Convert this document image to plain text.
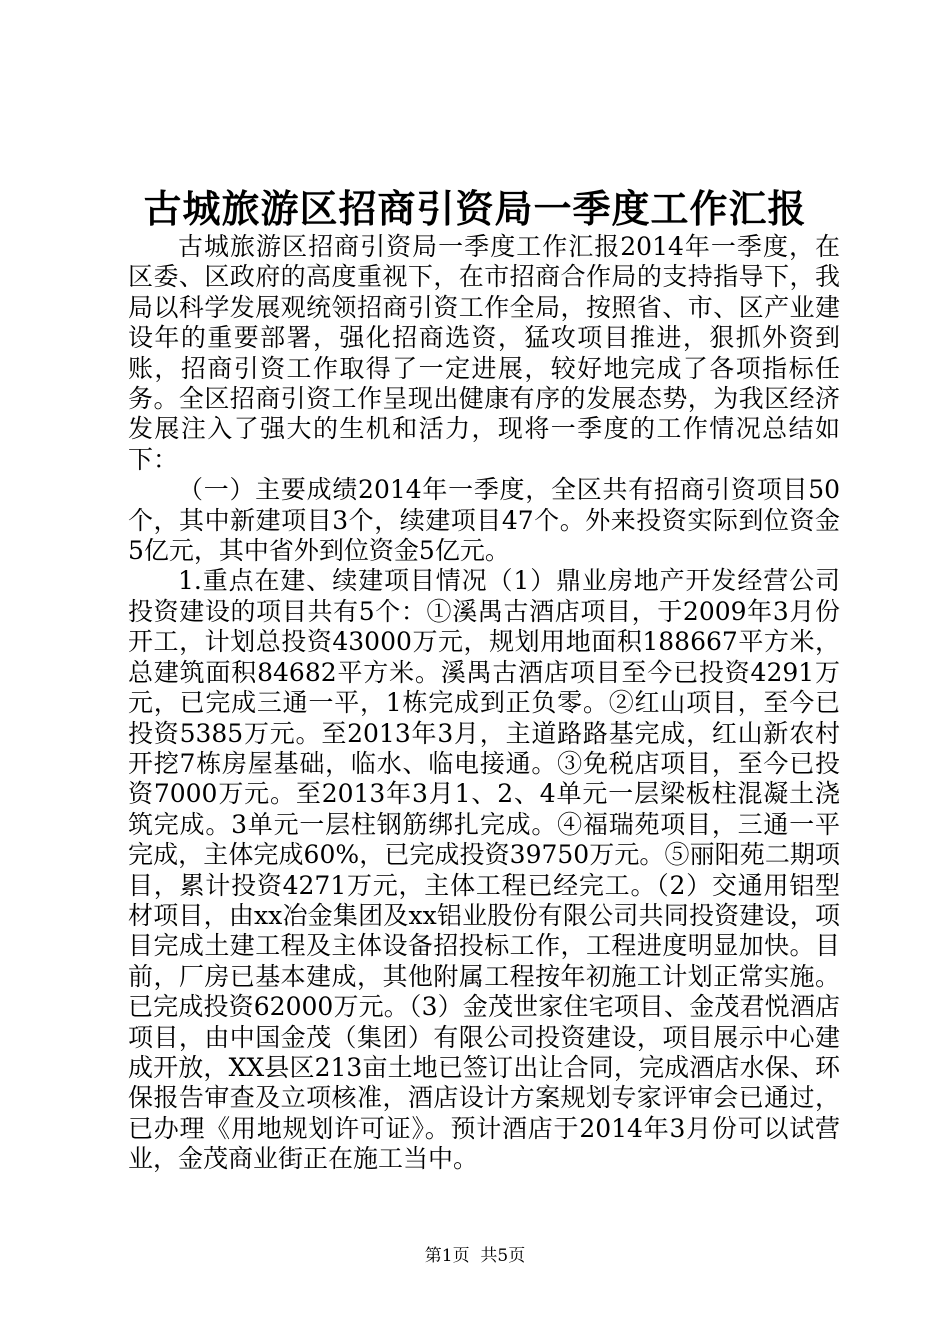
古城旅游区招商引资局一季度工作汇报

古城旅游区招商引资局一季度工作汇报2014年一季度，在区委、区政府的高度重视下，在市招商合作局的支持指导下，我局以科学发展观统领招商引资工作全局，按照省、市、区产业建设年的重要部署，强化招商选资，猛攻项目推进，狠抓外资到账，招商引资工作取得了一定进展，较好地完成了各项指标任务。全区招商引资工作呈现出健康有序的发展态势，为我区经济发展注入了强大的生机和活力，现将一季度的工作情况总结如下：

（一）主要成绩2014年一季度，全区共有招商引资项目50个，其中新建项目3个，续建项目47个。外来投资实际到位资金5亿元，其中省外到位资金5亿元。

1.重点在建、续建项目情况（1）鼎业房地产开发经营公司投资建设的项目共有5个：①溪禺古酒店项目，于2009年3月份开工，计划总投资43000万元，规划用地面积188667平方米，总建筑面积84682平方米。溪禺古酒店项目至今已投资4291万元，已完成三通一平，1栋完成到正负零。②红山项目，至今已投资5385万元。至2013年3月，主道路路基完成，红山新农村开挖7栋房屋基础，临水、临电接通。③免税店项目，至今已投资7000万元。至2013年3月1、2、4单元一层梁板柱混凝土浇筑完成。3单元一层柱钢筋绑扎完成。④福瑞苑项目，三通一平完成，主体完成60%，已完成投资39750万元。⑤丽阳苑二期项目，累计投资4271万元，主体工程已经完工。（2）交通用铝型材项目，由xx冶金集团及xx铝业股份有限公司共同投资建设，项目完成土建工程及主体设备招投标工作，工程进度明显加快。目前，厂房已基本建成，其他附属工程按年初施工计划正常实施。已完成投资62000万元。（3）金茂世家住宅项目、金茂君悦酒店项目，由中国金茂（集团）有限公司投资建设，项目展示中心建成开放，XX县区213亩土地已签订出让合同，完成酒店水保、环保报告审查及立项核准，酒店设计方案规划专家评审会已通过，已办理《用地规划许可证》。预计酒店于2014年3月份可以试营业，金茂商业街正在施工当中。

第1页 共5页
